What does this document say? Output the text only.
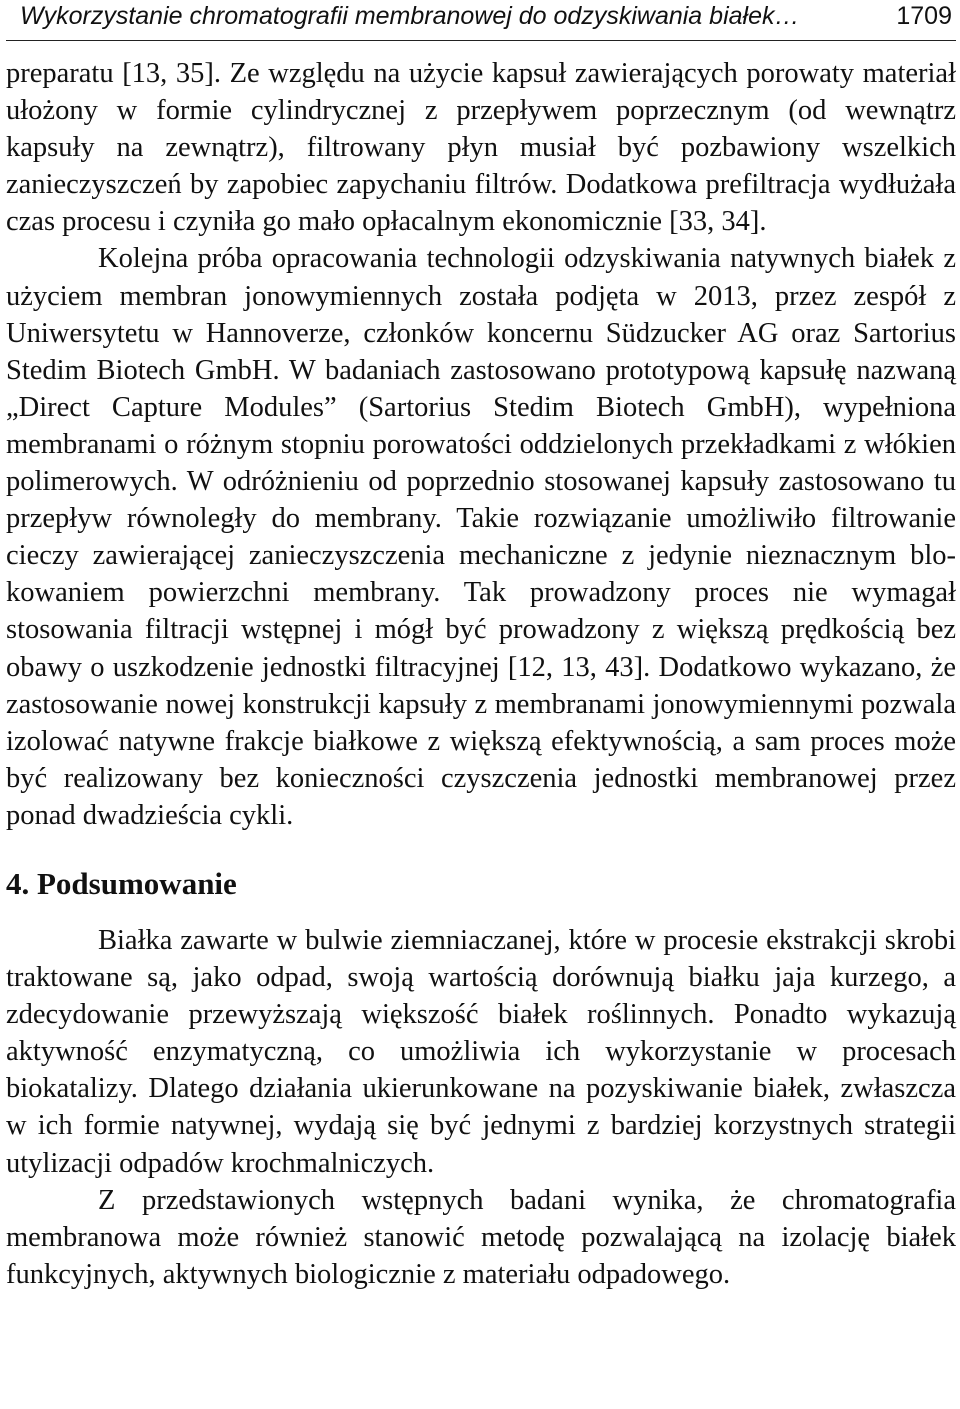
Wykorzystanie chromatografii membranowej do odzyskiwania białek…	1709

preparatu [13, 35]. Ze względu na użycie kapsuł zawierających porowaty materiał ułożony w formie cylindrycznej z przepływem poprzecznym (od wewnątrz kapsuły na zewnątrz), filtrowany płyn musiał być pozbawiony wszelkich zanieczyszczeń by zapobiec zapychaniu filtrów. Dodatkowa prefiltracja wydłużała czas procesu i czyniła go mało opłacalnym ekonomicznie [33, 34].

Kolejna próba opracowania technologii odzyskiwania natywnych białek z użyciem membran jonowymiennych została podjęta w 2013, przez zespół z Uniwersytetu w Hannoverze, członków koncernu Südzucker AG oraz Sartorius Stedim Biotech GmbH. W badaniach zastosowano prototypową kapsułę nazwaną „Direct Capture Modules” (Sartorius Stedim Biotech GmbH), wypełniona membranami o różnym stopniu porowatości oddzielonych przekładkami z włókien polimerowych. W odróżnieniu od poprzednio stosowanej kapsuły zastosowano tu przepływ równoległy do membrany. Takie rozwiązanie umożliwiło filtrowanie cieczy zawierającej zanieczyszczenia mechaniczne z jedynie nieznacznym blokowaniem powierzchni membrany. Tak prowadzony proces nie wymagał stosowania filtracji wstępnej i mógł być prowadzony z większą prędkością bez obawy o uszkodzenie jednostki filtracyjnej [12, 13, 43]. Dodatkowo wykazano, że zastosowanie nowej konstrukcji kapsuły z membranami jonowymiennymi pozwala izolować natywne frakcje białkowe z większą efektywnością, a sam proces może być realizowany bez konieczności czyszczenia jednostki membranowej przez ponad dwadzieścia cykli.

4. Podsumowanie

Białka zawarte w bulwie ziemniaczanej, które w procesie ekstrakcji skrobi traktowane są, jako odpad, swoją wartością dorównują białku jaja kurzego, a zdecydowanie przewyższają większość białek roślinnych. Ponadto wykazują aktywność enzymatyczną, co umożliwia ich wykorzystanie w procesach biokatalizy. Dlatego działania ukierunkowane na pozyskiwanie białek, zwłaszcza w ich formie natywnej, wydają się być jednymi z bardziej korzystnych strategii utylizacji odpadów krochmalniczych.

Z przedstawionych wstępnych badani wynika, że chromatografia membranowa może również stanowić metodę pozwalającą na izolację białek funkcyjnych, aktywnych biologicznie z materiału odpadowego.
